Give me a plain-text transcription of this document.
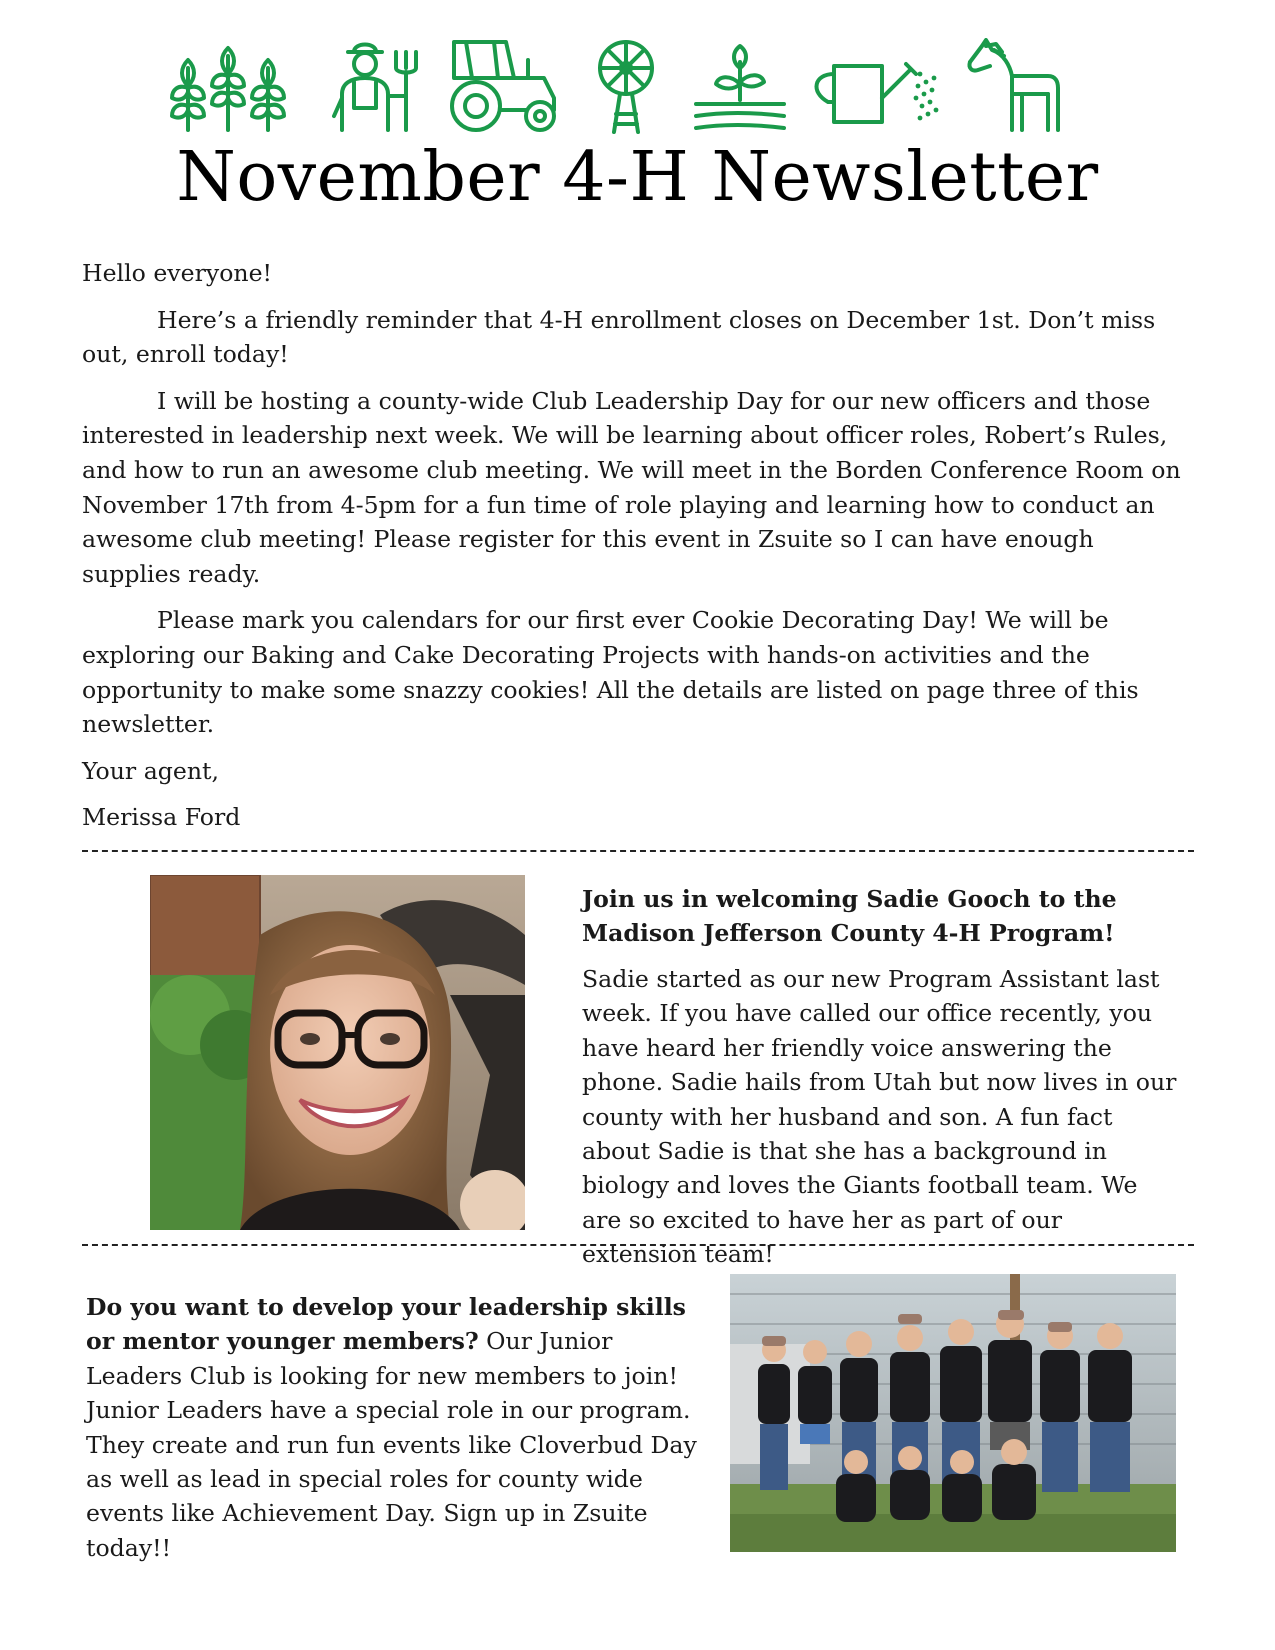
November 4-H Newsletter

Hello everyone!

Here’s a friendly reminder that 4-H enrollment closes on December 1st. Don’t miss out, enroll today!

I will be hosting a county-wide Club Leadership Day for our new officers and those interested in leadership next week. We will be learning about officer roles, Robert’s Rules, and how to run an awesome club meeting. We will meet in the Borden Conference Room on November 17th from 4-5pm for a fun time of role playing and learning how to conduct an awesome club meeting! Please register for this event in Zsuite so I can have enough supplies ready.

Please mark you calendars for our first ever Cookie Decorating Day! We will be exploring our Baking and Cake Decorating Projects with hands-on activities and the opportunity to make some snazzy cookies! All the details are listed on page three of this newsletter.

Your agent,

Merissa Ford

Join us in welcoming Sadie Gooch to the Madison Jefferson County 4-H Program!

Sadie started as our new Program Assistant last week. If you have called our office recently, you have heard her friendly voice answering the phone. Sadie hails from Utah but now lives in our county with her husband and son. A fun fact about Sadie is that she has a background in biology and loves the Giants football team. We are so excited to have her as part of our extension team!

Do you want to develop your leadership skills or mentor younger members? Our Junior Leaders Club is looking for new members to join! Junior Leaders have a special role in our program. They create and run fun events like Cloverbud Day as well as lead in special roles for county wide events like Achievement Day. Sign up in Zsuite today!!
